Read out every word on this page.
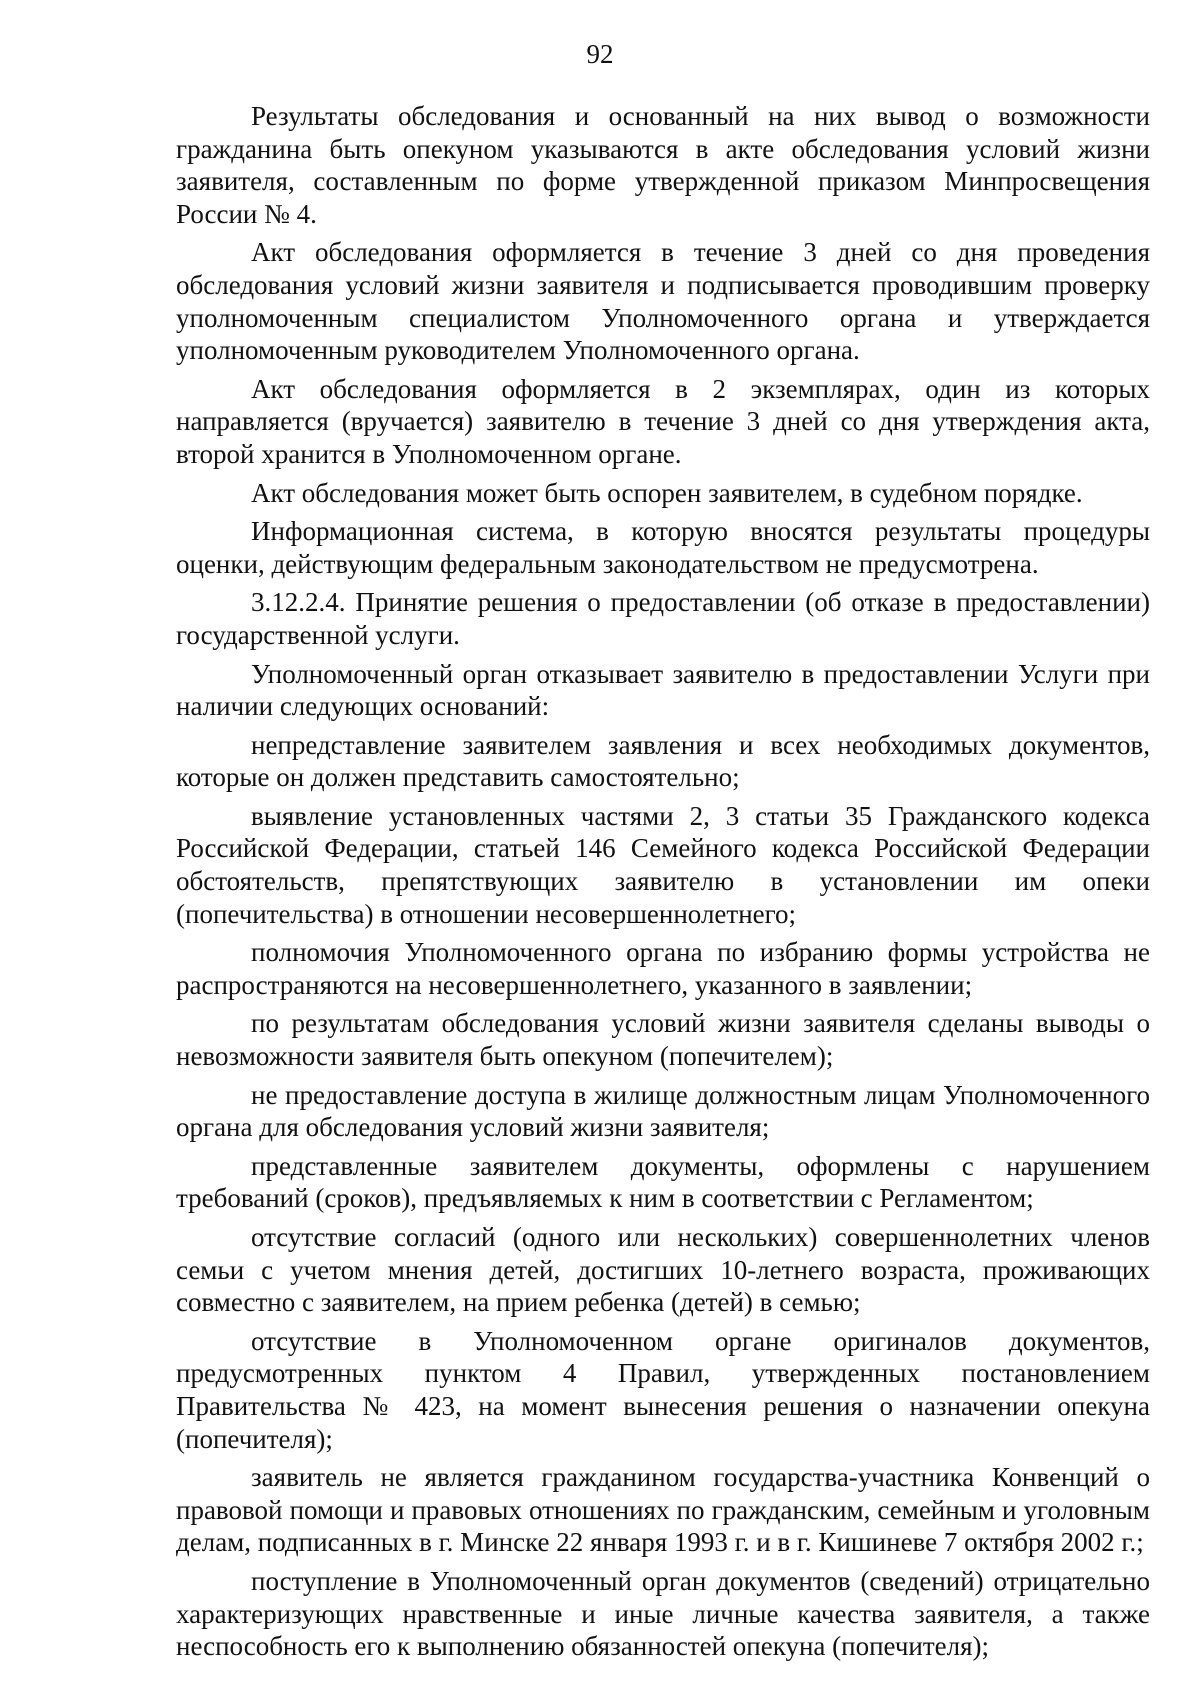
92

Результаты обследования и основанный на них вывод о возможности гражданина быть опекуном указываются в акте обследования условий жизни заявителя, составленным по форме утвержденной приказом Минпросвещения России № 4.

Акт обследования оформляется в течение 3 дней со дня проведения обследования условий жизни заявителя и подписывается проводившим проверку уполномоченным специалистом Уполномоченного органа и утверждается уполномоченным руководителем Уполномоченного органа.

Акт обследования оформляется в 2 экземплярах, один из которых направляется (вручается) заявителю в течение 3 дней со дня утверждения акта, второй хранится в Уполномоченном органе.

Акт обследования может быть оспорен заявителем, в судебном порядке.

Информационная система, в которую вносятся результаты процедуры оценки, действующим федеральным законодательством не предусмотрена.

3.12.2.4. Принятие решения о предоставлении (об отказе в предоставлении) государственной услуги.

Уполномоченный орган отказывает заявителю в предоставлении Услуги при наличии следующих оснований:

непредставление заявителем заявления и всех необходимых документов, которые он должен представить самостоятельно;

выявление установленных частями 2, 3 статьи 35 Гражданского кодекса Российской Федерации, статьей 146 Семейного кодекса Российской Федерации обстоятельств, препятствующих заявителю в установлении им опеки (попечительства) в отношении несовершеннолетнего;

полномочия Уполномоченного органа по избранию формы устройства не распространяются на несовершеннолетнего, указанного в заявлении;

по результатам обследования условий жизни заявителя сделаны выводы о невозможности заявителя быть опекуном (попечителем);

не предоставление доступа в жилище должностным лицам Уполномоченного органа для обследования условий жизни заявителя;

представленные заявителем документы, оформлены с нарушением требований (сроков), предъявляемых к ним в соответствии с Регламентом;

отсутствие согласий (одного или нескольких) совершеннолетних членов семьи с учетом мнения детей, достигших 10-летнего возраста, проживающих совместно с заявителем, на прием ребенка (детей) в семью;

отсутствие в Уполномоченном органе оригиналов документов, предусмотренных пунктом 4 Правил, утвержденных постановлением Правительства № 423, на момент вынесения решения о назначении опекуна (попечителя);

заявитель не является гражданином государства-участника Конвенций о правовой помощи и правовых отношениях по гражданским, семейным и уголовным делам, подписанных в г. Минске 22 января 1993 г. и в г. Кишиневе 7 октября 2002 г.;

поступление в Уполномоченный орган документов (сведений) отрицательно характеризующих нравственные и иные личные качества заявителя, а также неспособность его к выполнению обязанностей опекуна (попечителя);
